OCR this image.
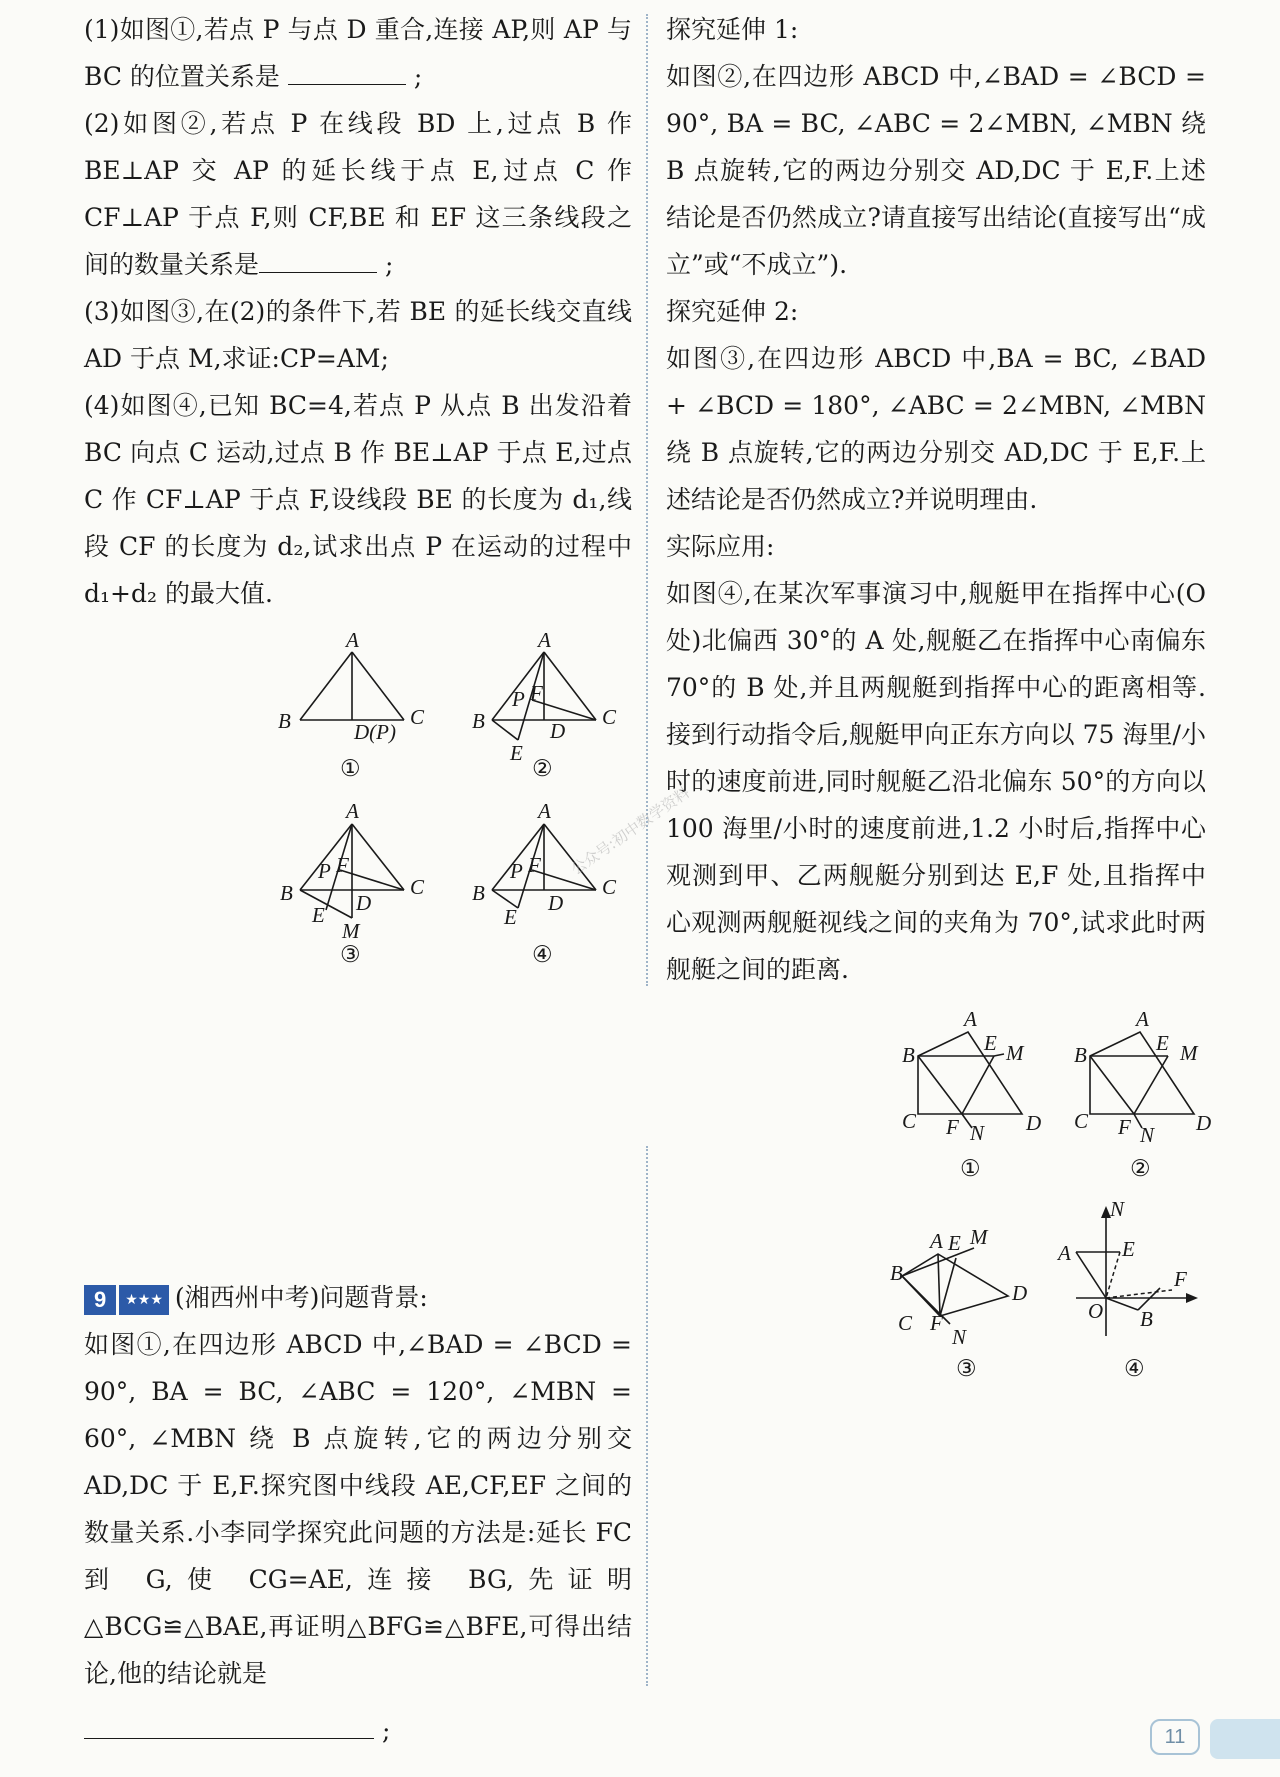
(1)如图①,若点 P 与点 D 重合,连接 AP,则 AP 与 BC 的位置关系是	;

(2)如图②,若点 P 在线段 BD 上,过点 B 作 BE⊥AP 交 AP 的延长线于点 E,过点 C 作 CF⊥AP 于点 F,则 CF,BE 和 EF 这三条线段之间的数量关系是	;

(3)如图③,在(2)的条件下,若 BE 的延长线交直线 AD 于点 M,求证:CP=AM;

(4)如图④,已知 BC=4,若点 P 从点 B 出发沿着 BC 向点 C 运动,过点 B 作 BE⊥AP 于点 E,过点 C 作 CF⊥AP 于点 F,设线段 BE 的长度为 d₁,线段 CF 的长度为 d₂,试求出点 P 在运动的过程中 d₁+d₂ 的最大值.

A
B	C
D(P)
①
A
B	C
D
E
F
P
②
A
B	C
D
E
F
P
M
③
A
B	C
D
E
F
P
④

9 ★★★ (湘西州中考)问题背景:

如图①,在四边形 ABCD 中,∠BAD = ∠BCD = 90°, BA = BC, ∠ABC = 120°, ∠MBN = 60°, ∠MBN 绕 B 点旋转,它的两边分别交 AD,DC 于 E,F.探究图中线段 AE,CF,EF 之间的数量关系.小李同学探究此问题的方法是:延长 FC 到 G,使 CG=AE,连接 BG,先证明△BCG≌△BAE,再证明△BFG≌△BFE,可得出结论,他的结论就是

;

探究延伸 1:

如图②,在四边形 ABCD 中,∠BAD = ∠BCD = 90°, BA = BC, ∠ABC = 2∠MBN, ∠MBN 绕 B 点旋转,它的两边分别交 AD,DC 于 E,F.上述结论是否仍然成立?请直接写出结论(直接写出“成立”或“不成立”).

探究延伸 2:

如图③,在四边形 ABCD 中,BA = BC, ∠BAD + ∠BCD = 180°, ∠ABC = 2∠MBN, ∠MBN 绕 B 点旋转,它的两边分别交 AD,DC 于 E,F.上述结论是否仍然成立?并说明理由.

实际应用:

如图④,在某次军事演习中,舰艇甲在指挥中心(O 处)北偏西 30°的 A 处,舰艇乙在指挥中心南偏东 70°的 B 处,并且两舰艇到指挥中心的距离相等.接到行动指令后,舰艇甲向正东方向以 75 海里/小时的速度前进,同时舰艇乙沿北偏东 50°的方向以 100 海里/小时的速度前进,1.2 小时后,指挥中心观测到甲、乙两舰艇分别到达 E,F 处,且指挥中心观测两舰艇视线之间的夹角为 70°,试求此时两舰艇之间的距离.

A
B
C	D
E M
F N
①
A
B
C	D
E M
F N
②
A E M
B
D
C F
N
③
N
A E
F
O B
④
公众号:初中数学资料
11
